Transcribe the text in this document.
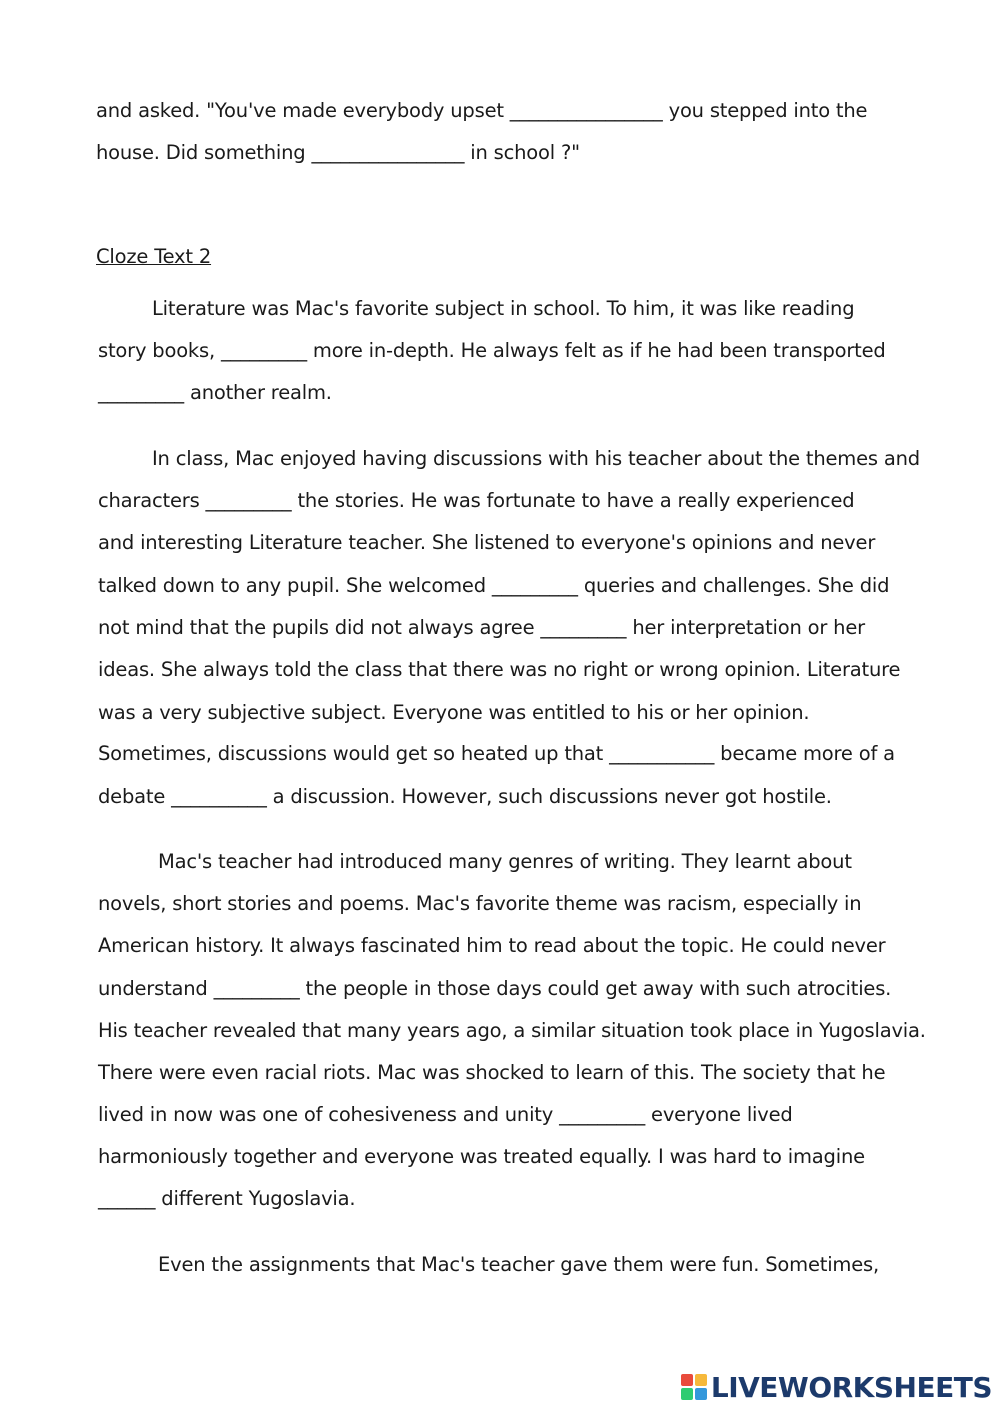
and asked. "You've made everybody upset ________________ you stepped into the
house. Did something ________________ in school ?"
Cloze Text 2
Literature was Mac's favorite subject in school. To him, it was like reading
story books, _________ more in-depth. He always felt as if he had been transported
_________ another realm.
In class, Mac enjoyed having discussions with his teacher about the themes and
characters _________ the stories. He was fortunate to have a really experienced
and interesting Literature teacher. She listened to everyone's opinions and never
talked down to any pupil. She welcomed _________ queries and challenges. She did
not mind that the pupils did not always agree _________ her interpretation or her
ideas. She always told the class that there was no right or wrong opinion. Literature
was a very subjective subject. Everyone was entitled to his or her opinion.
Sometimes, discussions would get so heated up that ___________ became more of a
debate __________ a discussion. However, such discussions never got hostile.
Mac's teacher had introduced many genres of writing. They learnt about
novels, short stories and poems. Mac's favorite theme was racism, especially in
American history. It always fascinated him to read about the topic. He could never
understand _________ the people in those days could get away with such atrocities.
His teacher revealed that many years ago, a similar situation took place in Yugoslavia.
There were even racial riots. Mac was shocked to learn of this. The society that he
lived in now was one of cohesiveness and unity _________ everyone lived
harmoniously together and everyone was treated equally. I was hard to imagine
______ different Yugoslavia.
Even the assignments that Mac's teacher gave them were fun. Sometimes,
LIVEWORKSHEETS
